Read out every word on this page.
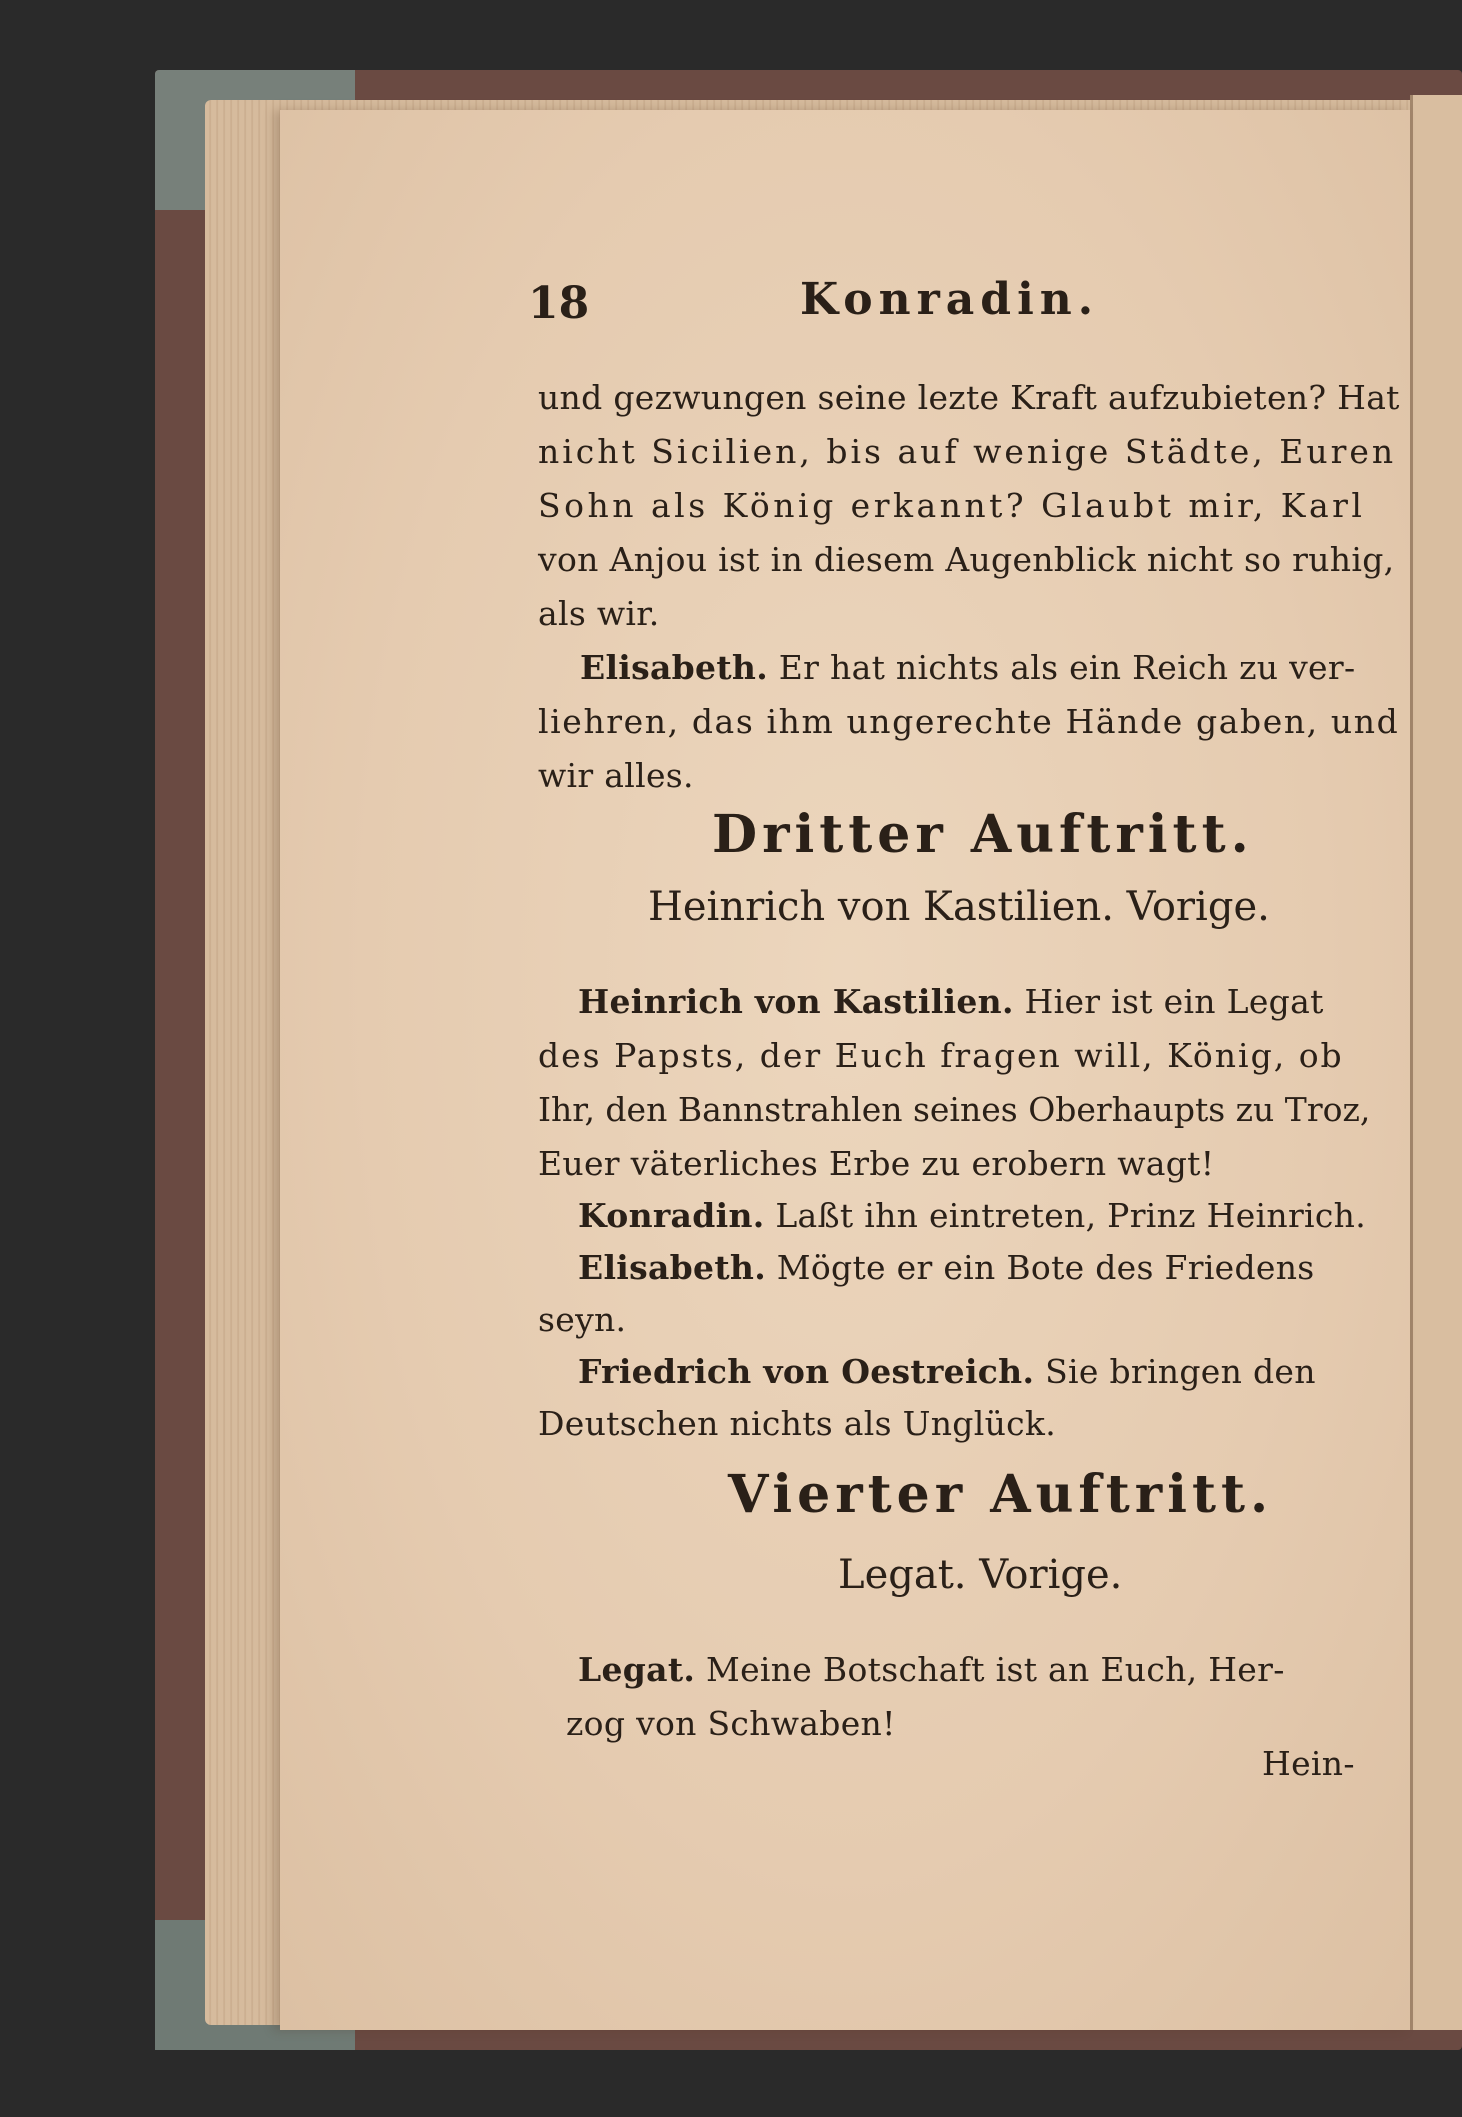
18	Konradin.
und gezwungen seine lezte Kraft aufzubieten? Hat
nicht Sicilien, bis auf wenige Städte, Euren
Sohn als König erkannt? Glaubt mir, Karl
von Anjou ist in diesem Augenblick nicht so ruhig,
als wir.
Elisabeth. Er hat nichts als ein Reich zu ver-
liehren, das ihm ungerechte Hände gaben, und
wir alles.
Dritter Auftritt.
Heinrich von Kastilien. Vorige.
Heinrich von Kastilien. Hier ist ein Legat
des Papsts, der Euch fragen will, König, ob
Ihr, den Bannstrahlen seines Oberhaupts zu Troz,
Euer väterliches Erbe zu erobern wagt!
Konradin. Laßt ihn eintreten, Prinz Heinrich.
Elisabeth. Mögte er ein Bote des Friedens
seyn.
Friedrich von Oestreich. Sie bringen den
Deutschen nichts als Unglück.
Vierter Auftritt.
Legat. Vorige.
Legat. Meine Botschaft ist an Euch, Her-
zog von Schwaben!
Hein-
